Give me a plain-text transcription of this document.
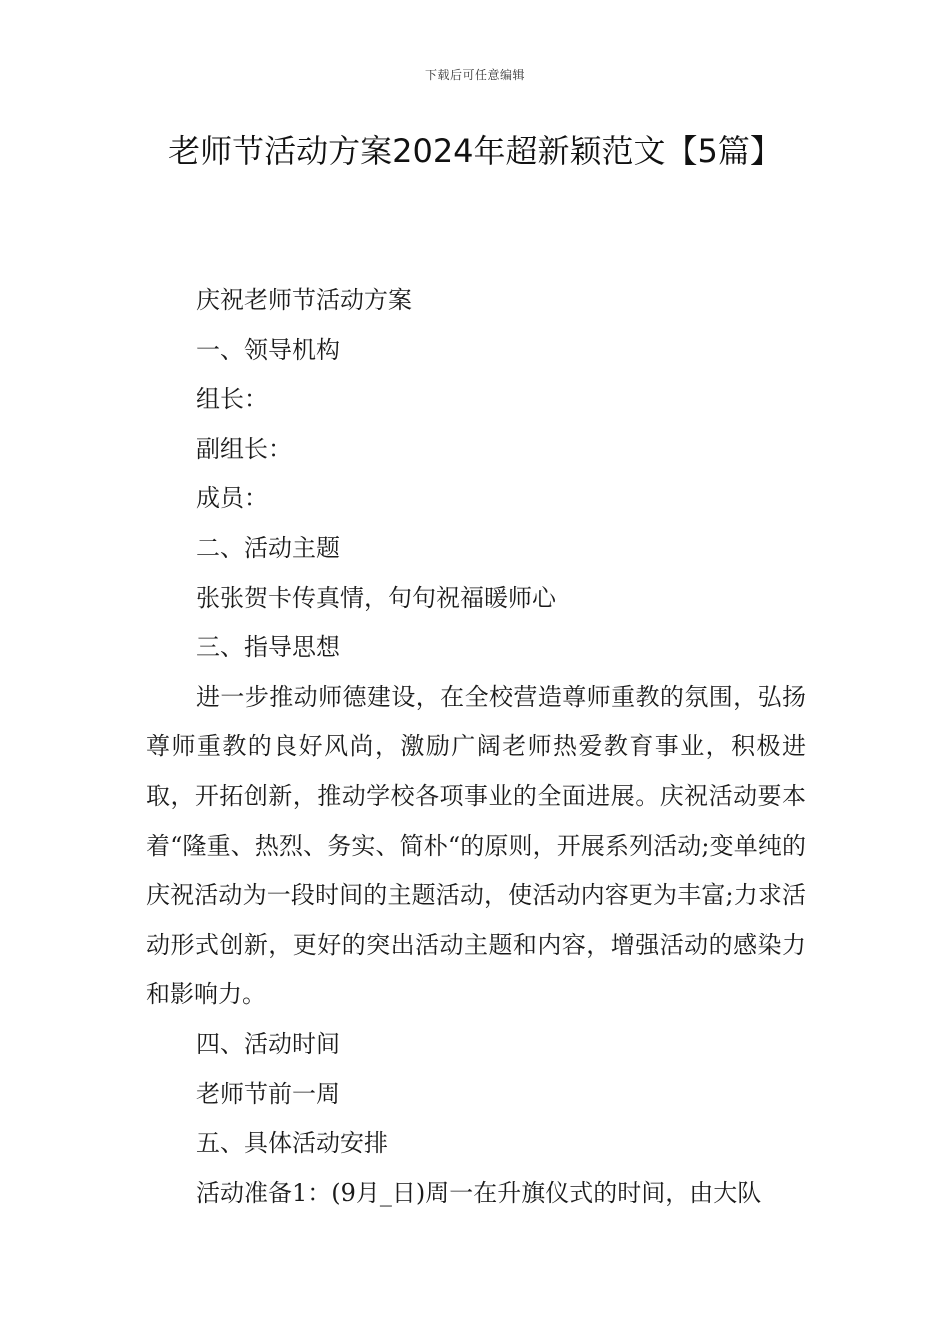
下载后可任意编辑
老师节活动方案2024年超新颖范文【5篇】

庆祝老师节活动方案

一、领导机构

组长：

副组长：

成员：

二、活动主题

张张贺卡传真情，句句祝福暖师心

三、指导思想

进一步推动师德建设，在全校营造尊师重教的氛围，弘扬尊师重教的良好风尚，激励广阔老师热爱教育事业，积极进取，开拓创新，推动学校各项事业的全面进展。庆祝活动要本着“隆重、热烈、务实、简朴“的原则，开展系列活动;变单纯的庆祝活动为一段时间的主题活动，使活动内容更为丰富;力求活动形式创新，更好的突出活动主题和内容，增强活动的感染力和影响力。

四、活动时间

老师节前一周

五、具体活动安排

活动准备1：(9月_日)周一在升旗仪式的时间，由大队
